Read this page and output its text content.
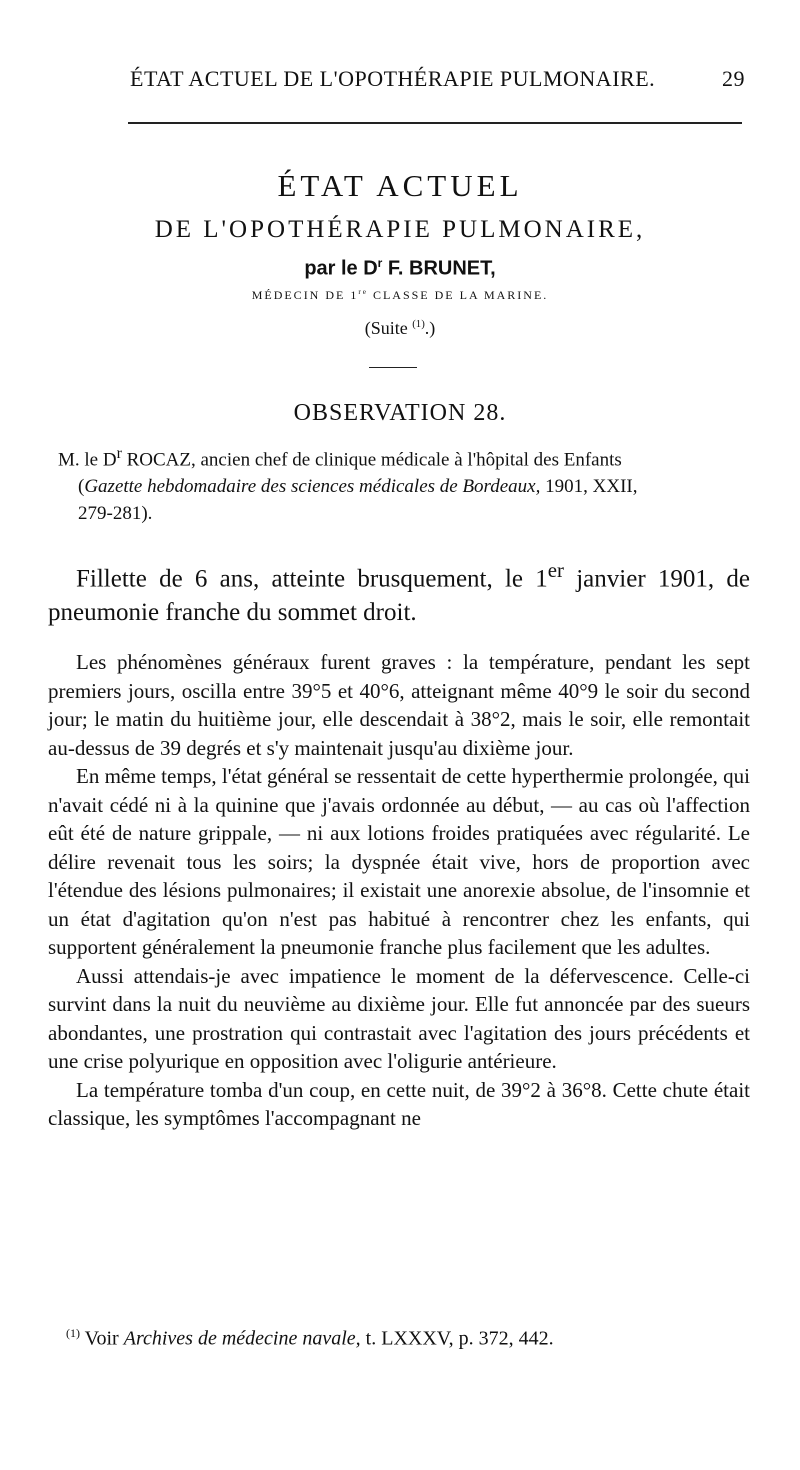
ÉTAT ACTUEL DE L'OPOTHÉRAPIE PULMONAIRE.	29
ÉTAT ACTUEL
DE L'OPOTHÉRAPIE PULMONAIRE,
par le $D^r$ F. BRUNET,
MÉDECIN DE 1re CLASSE DE LA MARINE.
(Suite $^{(1)}$.)
OBSERVATION 28.

M. le $D^r$ ROCAZ, ancien chef de clinique médicale à l'hôpital des Enfants

(Gazette hebdomadaire des sciences médicales de Bordeaux, 1901, XXII,

279-281).

Fillette de 6 ans, atteinte brusquement, le 1er janvier 1901, de pneumonie franche du sommet droit.

Les phénomènes généraux furent graves : la température, pendant les sept premiers jours, oscilla entre 39°5 et 40°6, atteignant même 40°9 le soir du second jour; le matin du huitième jour, elle descendait à 38°2, mais le soir, elle remontait au-dessus de 39 degrés et s'y maintenait jusqu'au dixième jour.

En même temps, l'état général se ressentait de cette hyperthermie prolongée, qui n'avait cédé ni à la quinine que j'avais ordonnée au début, — au cas où l'affection eût été de nature grippale, — ni aux lotions froides pratiquées avec régularité. Le délire revenait tous les soirs; la dyspnée était vive, hors de proportion avec l'étendue des lésions pulmonaires; il existait une anorexie absolue, de l'insomnie et un état d'agitation qu'on n'est pas habitué à rencontrer chez les enfants, qui supportent généralement la pneumonie franche plus facilement que les adultes.

Aussi attendais-je avec impatience le moment de la défervescence. Celle-ci survint dans la nuit du neuvième au dixième jour. Elle fut annoncée par des sueurs abondantes, une prostration qui contrastait avec l'agitation des jours précédents et une crise polyurique en opposition avec l'oligurie antérieure.

La température tomba d'un coup, en cette nuit, de 39°2 à 36°8. Cette chute était classique, les symptômes l'accompagnant ne

$^{(1)}$ Voir Archives de médecine navale, t. LXXXV, p. 372, 442.
